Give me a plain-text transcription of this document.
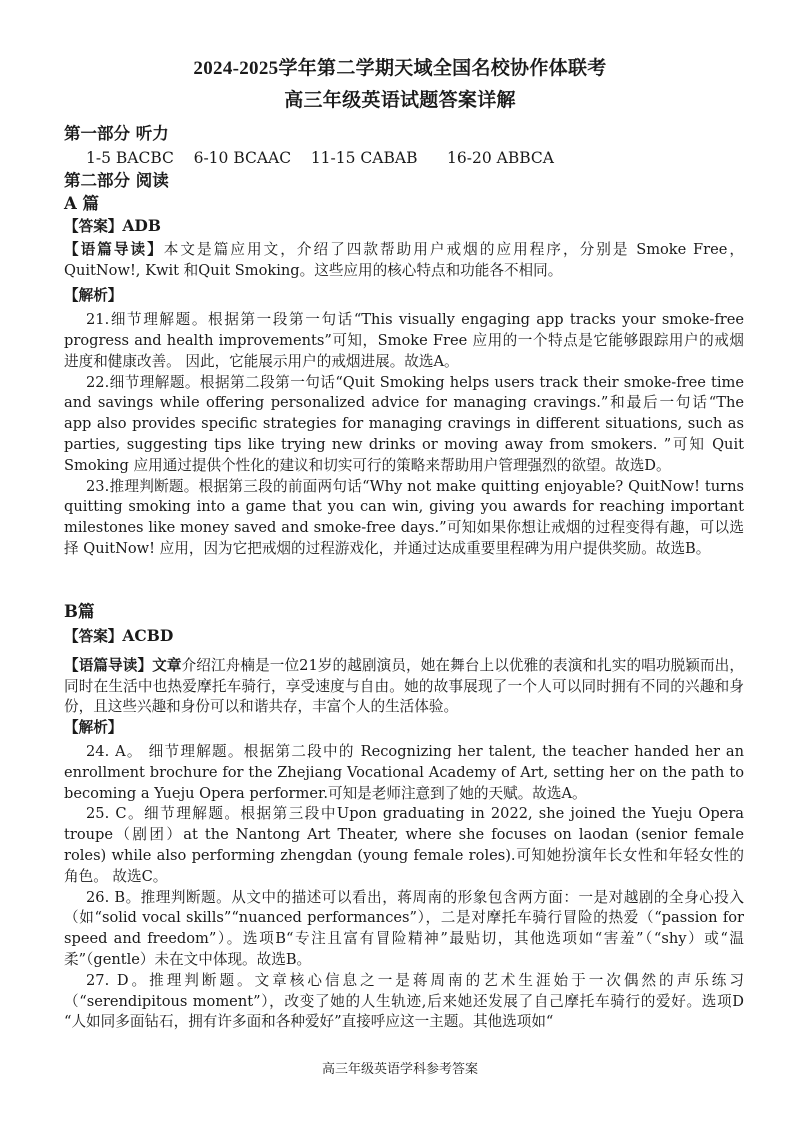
2024-2025学年第二学期天域全国名校协作体联考
高三年级英语试题答案详解
第一部分 听力
1-5 BACBC    6-10 BCAAC    11-15 CABAB      16-20 ABBCA
第二部分 阅读
A 篇
【答案】ADB
【语篇导读】本文是篇应用文，介绍了四款帮助用户戒烟的应用程序，分别是 Smoke Free，QuitNow!, Kwit 和Quit Smoking。这些应用的核心特点和功能各不相同。
【解析】
21.细节理解题。根据第一段第一句话“This visually engaging app tracks your smoke-free progress and health improvements”可知，Smoke Free 应用的一个特点是它能够跟踪用户的戒烟进度和健康改善。 因此，它能展示用户的戒烟进展。故选A。
22.细节理解题。根据第二段第一句话“Quit Smoking helps users track their smoke-free time and savings while offering personalized advice for managing cravings.”和最后一句话“The app also provides specific strategies for managing cravings in different situations, such as parties, suggesting tips like trying new drinks or moving away from smokers. ”可知 Quit Smoking 应用通过提供个性化的建议和切实可行的策略来帮助用户管理强烈的欲望。故选D。
23.推理判断题。根据第三段的前面两句话“Why not make quitting enjoyable? QuitNow! turns quitting smoking into a game that you can win, giving you awards for reaching important milestones like money saved and smoke-free days.”可知如果你想让戒烟的过程变得有趣，可以选择 QuitNow! 应用，因为它把戒烟的过程游戏化，并通过达成重要里程碑为用户提供奖励。故选B。
B篇
【答案】ACBD
【语篇导读】文章介绍江舟楠是一位21岁的越剧演员，她在舞台上以优雅的表演和扎实的唱功脱颖而出，同时在生活中也热爱摩托车骑行，享受速度与自由。她的故事展现了一个人可以同时拥有不同的兴趣和身份，且这些兴趣和身份可以和谐共存，丰富个人的生活体验。
【解析】
24. A。 细节理解题。根据第二段中的 Recognizing her talent, the teacher handed her an enrollment brochure for the Zhejiang Vocational Academy of Art, setting her on the path to becoming a Yueju Opera performer.可知是老师注意到了她的天赋。故选A。
25. C。细节理解题。根据第三段中Upon graduating in 2022, she joined the Yueju Opera troupe（剧团）at the Nantong Art Theater, where she focuses on laodan (senior female roles) while also performing zhengdan (young female roles).可知她扮演年长女性和年轻女性的角色。 故选C。
26. B。推理判断题。从文中的描述可以看出，蒋周南的形象包含两方面：一是对越剧的全身心投入（如“solid vocal skills”“nuanced performances”），二是对摩托车骑行冒险的热爱（“passion for speed and freedom”）。选项B“专注且富有冒险精神”最贴切，其他选项如“害羞”（“shy）或“温柔”（gentle）未在文中体现。故选B。
27. D。推理判断题。文章核心信息之一是蒋周南的艺术生涯始于一次偶然的声乐练习（“serendipitous moment”），改变了她的人生轨迹,后来她还发展了自己摩托车骑行的爱好。选项D “人如同多面钻石，拥有许多面和各种爱好”直接呼应这一主题。其他选项如“
高三年级英语学科参考答案
